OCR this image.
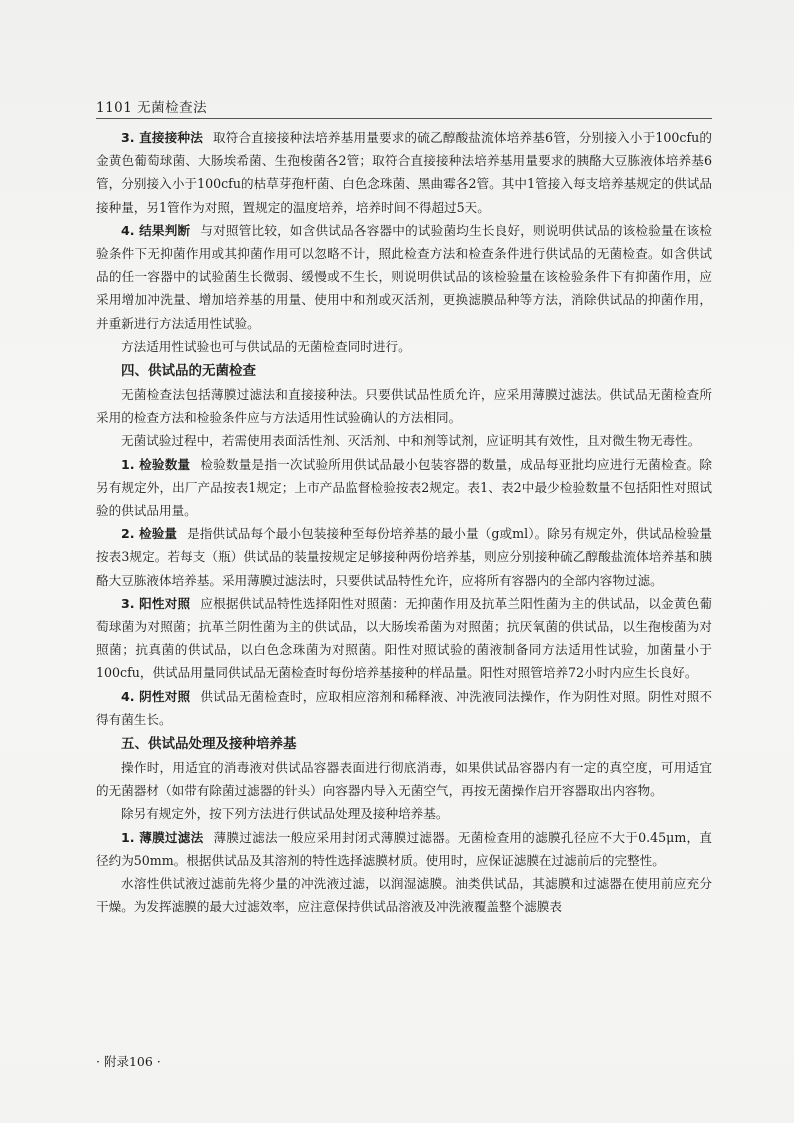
1101 无菌检查法

3. 直接接种法 取符合直接接种法培养基用量要求的硫乙醇酸盐流体培养基6管，分别接入小于100cfu的金黄色葡萄球菌、大肠埃希菌、生孢梭菌各2管；取符合直接接种法培养基用量要求的胰酪大豆胨液体培养基6管，分别接入小于100cfu的枯草芽孢杆菌、白色念珠菌、黑曲霉各2管。其中1管接入每支培养基规定的供试品接种量，另1管作为对照，置规定的温度培养，培养时间不得超过5天。

4. 结果判断 与对照管比较，如含供试品各容器中的试验菌均生长良好，则说明供试品的该检验量在该检验条件下无抑菌作用或其抑菌作用可以忽略不计，照此检查方法和检查条件进行供试品的无菌检查。如含供试品的任一容器中的试验菌生长微弱、缓慢或不生长，则说明供试品的该检验量在该检验条件下有抑菌作用，应采用增加冲洗量、增加培养基的用量、使用中和剂或灭活剂，更换滤膜品种等方法，消除供试品的抑菌作用，并重新进行方法适用性试验。

方法适用性试验也可与供试品的无菌检查同时进行。

四、供试品的无菌检查

无菌检查法包括薄膜过滤法和直接接种法。只要供试品性质允许，应采用薄膜过滤法。供试品无菌检查所采用的检查方法和检验条件应与方法适用性试验确认的方法相同。

无菌试验过程中，若需使用表面活性剂、灭活剂、中和剂等试剂，应证明其有效性，且对微生物无毒性。

1. 检验数量 检验数量是指一次试验所用供试品最小包装容器的数量，成品每亚批均应进行无菌检查。除另有规定外，出厂产品按表1规定；上市产品监督检验按表2规定。表1、表2中最少检验数量不包括阳性对照试验的供试品用量。

2. 检验量 是指供试品每个最小包装接种至每份培养基的最小量（g或ml）。除另有规定外，供试品检验量按表3规定。若每支（瓶）供试品的装量按规定足够接种两份培养基，则应分别接种硫乙醇酸盐流体培养基和胰酪大豆胨液体培养基。采用薄膜过滤法时，只要供试品特性允许，应将所有容器内的全部内容物过滤。

3. 阳性对照 应根据供试品特性选择阳性对照菌：无抑菌作用及抗革兰阳性菌为主的供试品，以金黄色葡萄球菌为对照菌；抗革兰阴性菌为主的供试品，以大肠埃希菌为对照菌；抗厌氧菌的供试品，以生孢梭菌为对照菌；抗真菌的供试品，以白色念珠菌为对照菌。阳性对照试验的菌液制备同方法适用性试验，加菌量小于100cfu，供试品用量同供试品无菌检查时每份培养基接种的样品量。阳性对照管培养72小时内应生长良好。

4. 阴性对照 供试品无菌检查时，应取相应溶剂和稀释液、冲洗液同法操作，作为阴性对照。阴性对照不得有菌生长。

五、供试品处理及接种培养基

操作时，用适宜的消毒液对供试品容器表面进行彻底消毒，如果供试品容器内有一定的真空度，可用适宜的无菌器材（如带有除菌过滤器的针头）向容器内导入无菌空气，再按无菌操作启开容器取出内容物。

除另有规定外，按下列方法进行供试品处理及接种培养基。

1. 薄膜过滤法 薄膜过滤法一般应采用封闭式薄膜过滤器。无菌检查用的滤膜孔径应不大于0.45μm，直径约为50mm。根据供试品及其溶剂的特性选择滤膜材质。使用时，应保证滤膜在过滤前后的完整性。

水溶性供试液过滤前先将少量的冲洗液过滤，以润湿滤膜。油类供试品，其滤膜和过滤器在使用前应充分干燥。为发挥滤膜的最大过滤效率，应注意保持供试品溶液及冲洗液覆盖整个滤膜表

· 附录106 ·
